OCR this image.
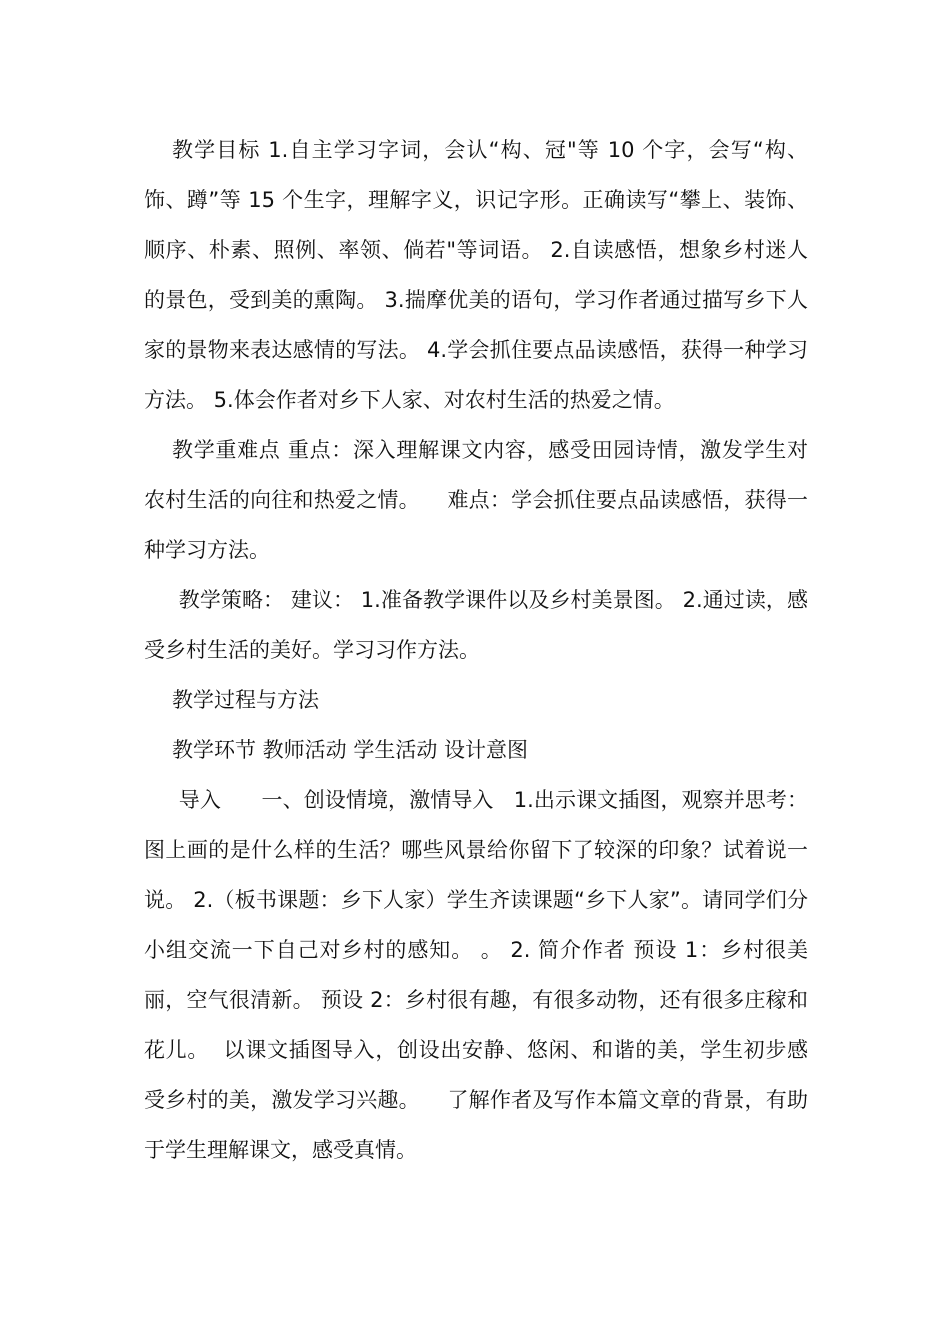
教学目标 1.自主学习字词，会认“构、冠"等 10 个字，会写“构、饰、蹲”等 15 个生字，理解字义，识记字形。正确读写“攀上、装饰、顺序、朴素、照例、率领、倘若"等词语。 2.自读感悟，想象乡村迷人的景色，受到美的熏陶。 3.揣摩优美的语句，学习作者通过描写乡下人家的景物来表达感情的写法。 4.学会抓住要点品读感悟，获得一种学习方法。 5.体会作者对乡下人家、对农村生活的热爱之情。

教学重难点 重点：深入理解课文内容，感受田园诗情，激发学生对农村生活的向往和热爱之情。    难点：学会抓住要点品读感悟，获得一种学习方法。

教学策略： 建议： 1.准备教学课件以及乡村美景图。 2.通过读，感受乡村生活的美好。学习习作方法。

教学过程与方法

教学环节 教师活动 学生活动 设计意图

导入      一、创设情境，激情导入   1.出示课文插图，观察并思考：图上画的是什么样的生活？哪些风景给你留下了较深的印象？试着说一说。 2.（板书课题：乡下人家）学生齐读课题“乡下人家”。请同学们分小组交流一下自己对乡村的感知。 。 2. 简介作者 预设 1：乡村很美丽，空气很清新。 预设 2：乡村很有趣，有很多动物，还有很多庄稼和花儿。  以课文插图导入，创设出安静、悠闲、和谐的美，学生初步感受乡村的美，激发学习兴趣。    了解作者及写作本篇文章的背景，有助于学生理解课文，感受真情。
